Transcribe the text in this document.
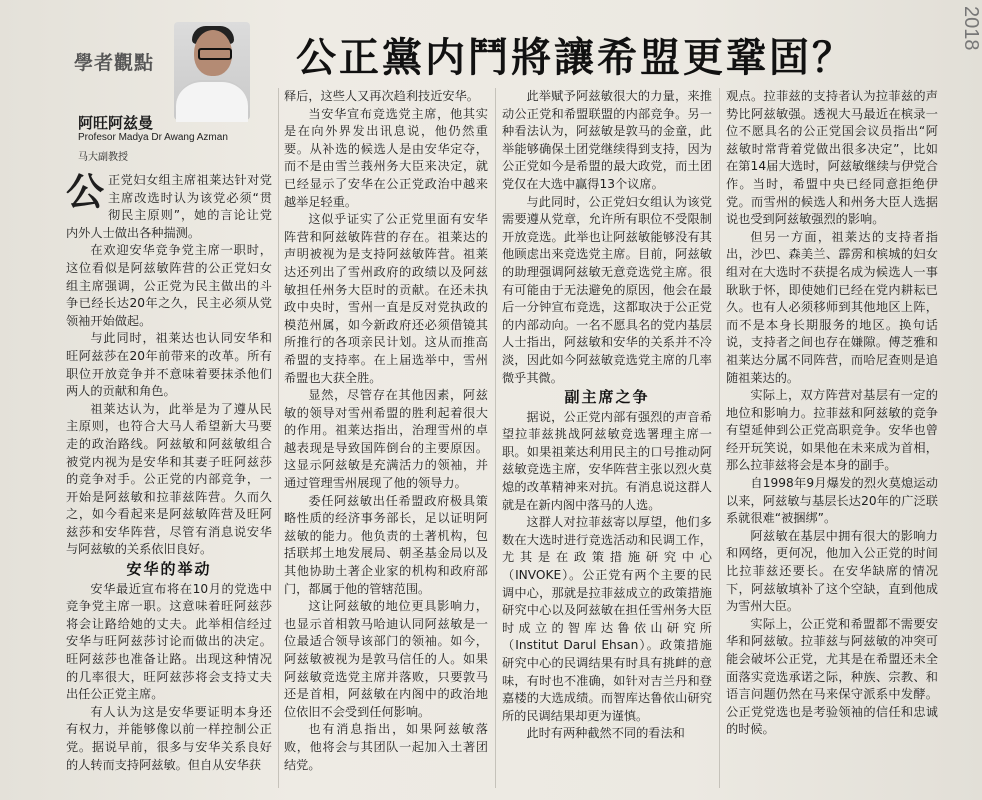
學者觀點
阿旺阿兹曼
Profesor Madya Dr Awang Azman
马大副教授
公正黨内鬥將讓希盟更鞏固？
2018

公正党妇女组主席祖莱达针对党主席改选时认为该党必须“贯彻民主原则”，她的言论让党内外人士做出各种揣测。

在欢迎安华竞争党主席一职时，这位看似是阿兹敏阵营的公正党妇女组主席强调，公正党为民主做出的斗争已经长达20年之久，民主必须从党领袖开始做起。

与此同时，祖莱达也认同安华和旺阿兹莎在20年前带来的改革。所有职位开放竞争并不意味着要抹杀他们两人的贡献和角色。

祖莱达认为，此举是为了遵从民主原则，也符合大马人希望新大马要走的政治路线。阿兹敏和阿兹敏组合被党内视为是安华和其妻子旺阿兹莎的竞争对手。公正党的内部竞争，一开始是阿兹敏和拉菲兹阵营。久而久之，如今看起来是阿兹敏阵营及旺阿兹莎和安华阵营，尽管有消息说安华与阿兹敏的关系依旧良好。

安华的举动

安华最近宣布将在10月的党选中竞争党主席一职。这意味着旺阿兹莎将会让路给她的丈夫。此举相信经过安华与旺阿兹莎讨论而做出的决定。旺阿兹莎也准备让路。出现这种情况的几率很大，旺阿兹莎将会支持丈夫出任公正党主席。

有人认为这是安华要证明本身还有权力，并能够像以前一样控制公正党。据说早前，很多与安华关系良好的人转而支持阿兹敏。但自从安华获

释后，这些人又再次趋利技近安华。

当安华宣布竞选党主席，他其实是在向外界发出讯息说，他仍然重要。从补选的候选人是由安华定夺，而不是由雪兰莪州务大臣来决定，就已经显示了安华在公正党政治中越来越举足轻重。

这似乎证实了公正党里面有安华阵营和阿兹敏阵营的存在。祖莱达的声明被视为是支持阿兹敏阵营。祖莱达还列出了雪州政府的政绩以及阿兹敏担任州务大臣时的贡献。在还未执政中央时，雪州一直是反对党执政的模范州属，如今新政府还必须借镜其所推行的各项亲民计划。这从而推高希盟的支持率。在上届选举中，雪州希盟也大获全胜。

显然，尽管存在其他因素，阿兹敏的领导对雪州希盟的胜利起着很大的作用。祖莱达指出，治理雪州的卓越表现是导致国阵倒台的主要原因。这显示阿兹敏是充满活力的领袖，并通过管理雪州展现了他的领导力。

委任阿兹敏出任希盟政府极具策略性质的经济事务部长，足以证明阿兹敏的能力。他负责的土著机构，包括联邦土地发展局、朝圣基金局以及其他协助土著企业家的机构和政府部门，都属于他的管辖范围。

这让阿兹敏的地位更具影响力，也显示首相敦马哈迪认同阿兹敏是一位最适合领导该部门的领袖。如今，阿兹敏被视为是敦马信任的人。如果阿兹敏竞选党主席并落败，只要敦马还是首相，阿兹敏在内阁中的政治地位依旧不会受到任何影响。

也有消息指出，如果阿兹敏落败，他将会与其团队一起加入土著团结党。

此举赋予阿兹敏很大的力量，来推动公正党和希盟联盟的内部竞争。另一种看法认为，阿兹敏是敦马的金童，此举能够确保土团党继续得到支持，因为公正党如今是希盟的最大政党，而土团党仅在大选中赢得13个议席。

与此同时，公正党妇女组认为该党需要遵从党章，允许所有职位不受限制开放竞选。此举也让阿兹敏能够没有其他顾虑出来竞选党主席。目前，阿兹敏的助理强调阿兹敏无意竞选党主席。很有可能由于无法避免的原因，他会在最后一分钟宣布竞选，这都取决于公正党的内部动向。一名不愿具名的党内基层人士指出，阿兹敏和安华的关系并不冷淡，因此如今阿兹敏竞选党主席的几率微乎其微。

副主席之争

据说，公正党内部有强烈的声音希望拉菲兹挑战阿兹敏竞选署理主席一职。如果祖莱达利用民主的口号推动阿兹敏竞选主席，安华阵营主张以烈火莫熄的改革精神来对抗。有消息说这群人就是在新内阁中落马的人选。

这群人对拉菲兹寄以厚望，他们多数在大选时进行竞选活动和民调工作，尤其是在政策措施研究中心（INVOKE）。公正党有两个主要的民调中心，那就是拉菲兹成立的政策措施研究中心以及阿兹敏在担任雪州务大臣时成立的智库达鲁依山研究所（Institut Darul Ehsan）。政策措施研究中心的民调结果有时具有挑衅的意味，有时也不准确，如针对吉兰丹和登嘉楼的大选成绩。而智库达鲁依山研究所的民调结果却更为谨慎。

此时有两种截然不同的看法和

观点。拉菲兹的支持者认为拉菲兹的声势比阿兹敏强。透视大马最近在槟录一位不愿具名的公正党国会议员指出“阿兹敏时常背着党做出很多决定”，比如在第14届大选时，阿兹敏继续与伊党合作。当时，希盟中央已经同意拒绝伊党。而雪州的候选人和州务大臣人选据说也受到阿兹敏强烈的影响。

但另一方面，祖莱达的支持者指出，沙巴、森美兰、霹雳和槟城的妇女组对在大选时不获提名成为候选人一事耿耿于怀，即使她们已经在党内耕耘已久。也有人必须移师到其他地区上阵，而不是本身长期服务的地区。换句话说，支持者之间也存在嫌隙。傅芝雅和祖莱达分属不同阵营，而哈尼查则是追随祖莱达的。

实际上，双方阵营对基层有一定的地位和影响力。拉菲兹和阿兹敏的竞争有望延伸到公正党高职竞争。安华也曾经开玩笑说，如果他在未来成为首相，那么拉菲兹将会是本身的副手。

自1998年9月爆发的烈火莫熄运动以来，阿兹敏与基层长达20年的广泛联系就很难“被捆绑”。

阿兹敏在基层中拥有很大的影响力和网络，更何况，他加入公正党的时间比拉菲兹还要长。在安华缺席的情况下，阿兹敏填补了这个空缺，直到他成为雪州大臣。

实际上，公正党和希盟都不需要安华和阿兹敏。拉菲兹与阿兹敏的冲突可能会破坏公正党，尤其是在希盟还未全面落实竞选承诺之际，种族、宗教、和语言问题仍然在马来保守派系中发酵。公正党党选也是考验领袖的信任和忠诚的时候。
